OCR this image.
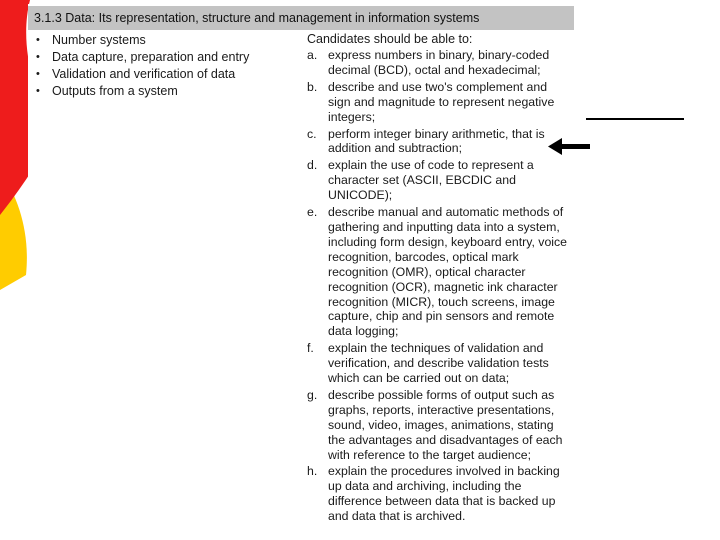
3.1.3 Data: Its representation, structure and management in information systems
• Number systems
• Data capture, preparation and entry
• Validation and verification of data
• Outputs from a system
Candidates should be able to:
a. express numbers in binary, binary-coded decimal (BCD), octal and hexadecimal;
b. describe and use two's complement and sign and magnitude to represent negative integers;
c. perform integer binary arithmetic, that is addition and subtraction;
d. explain the use of code to represent a character set (ASCII, EBCDIC and UNICODE);
e. describe manual and automatic methods of gathering and inputting data into a system, including form design, keyboard entry, voice recognition, barcodes, optical mark recognition (OMR), optical character recognition (OCR), magnetic ink character recognition (MICR), touch screens, image capture, chip and pin sensors and remote data logging;
f. explain the techniques of validation and verification, and describe validation tests which can be carried out on data;
g. describe possible forms of output such as graphs, reports, interactive presentations, sound, video, images, animations, stating the advantages and disadvantages of each with reference to the target audience;
h. explain the procedures involved in backing up data and archiving, including the difference between data that is backed up and data that is archived.
